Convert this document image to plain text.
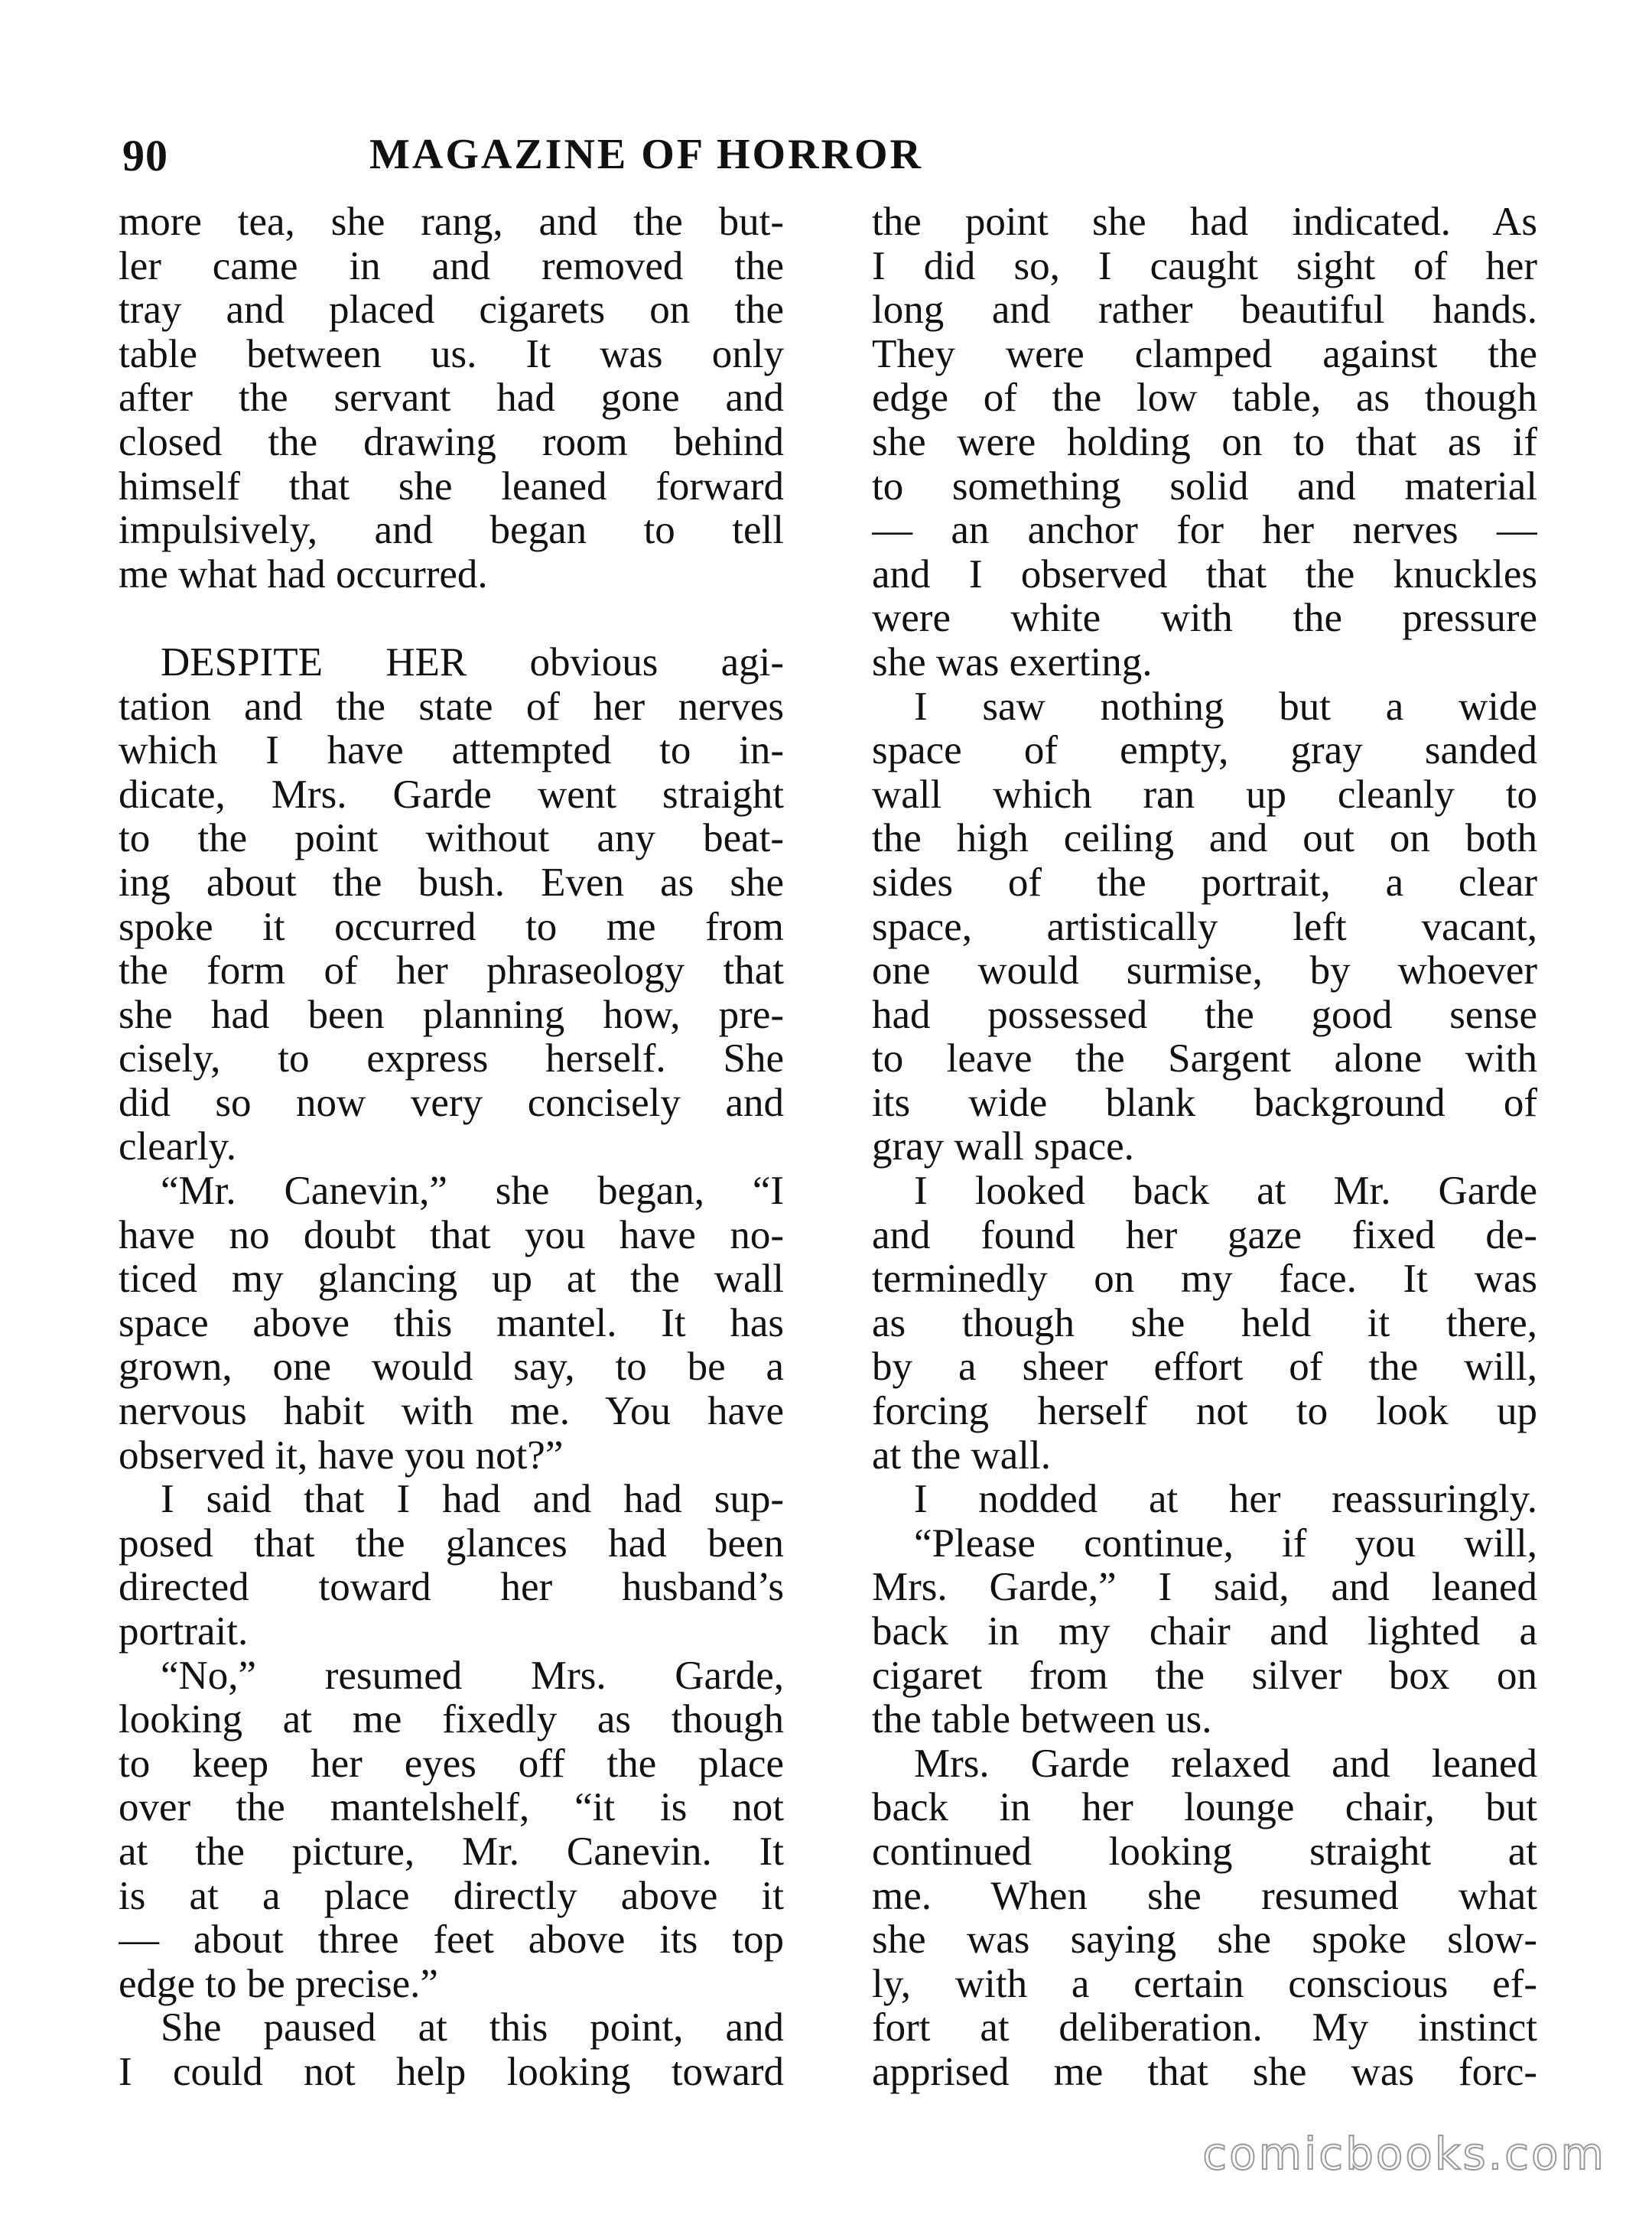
90	MAGAZINE OF HORROR
more tea, she rang, and the but-
ler came in and removed the
tray and placed cigarets on the
table between us. It was only
after the servant had gone and
closed the drawing room behind
himself that she leaned forward
impulsively, and began to tell
me what had occurred.
DESPITE HER obvious agi-
tation and the state of her nerves
which I have attempted to in-
dicate, Mrs. Garde went straight
to the point without any beat-
ing about the bush. Even as she
spoke it occurred to me from
the form of her phraseology that
she had been planning how, pre-
cisely, to express herself. She
did so now very concisely and
clearly.
“Mr. Canevin,” she began, “I
have no doubt that you have no-
ticed my glancing up at the wall
space above this mantel. It has
grown, one would say, to be a
nervous habit with me. You have
observed it, have you not?”
I said that I had and had sup-
posed that the glances had been
directed toward her husband’s
portrait.
“No,” resumed Mrs. Garde,
looking at me fixedly as though
to keep her eyes off the place
over the mantelshelf, “it is not
at the picture, Mr. Canevin. It
is at a place directly above it
— about three feet above its top
edge to be precise.”
She paused at this point, and
I could not help looking toward
the point she had indicated. As
I did so, I caught sight of her
long and rather beautiful hands.
They were clamped against the
edge of the low table, as though
she were holding on to that as if
to something solid and material
— an anchor for her nerves —
and I observed that the knuckles
were white with the pressure
she was exerting.
I saw nothing but a wide
space of empty, gray sanded
wall which ran up cleanly to
the high ceiling and out on both
sides of the portrait, a clear
space, artistically left vacant,
one would surmise, by whoever
had possessed the good sense
to leave the Sargent alone with
its wide blank background of
gray wall space.
I looked back at Mr. Garde
and found her gaze fixed de-
terminedly on my face. It was
as though she held it there,
by a sheer effort of the will,
forcing herself not to look up
at the wall.
I nodded at her reassuringly.
“Please continue, if you will,
Mrs. Garde,” I said, and leaned
back in my chair and lighted a
cigaret from the silver box on
the table between us.
Mrs. Garde relaxed and leaned
back in her lounge chair, but
continued looking straight at
me. When she resumed what
she was saying she spoke slow-
ly, with a certain conscious ef-
fort at deliberation. My instinct
apprised me that she was forc-
comicbooks.com
